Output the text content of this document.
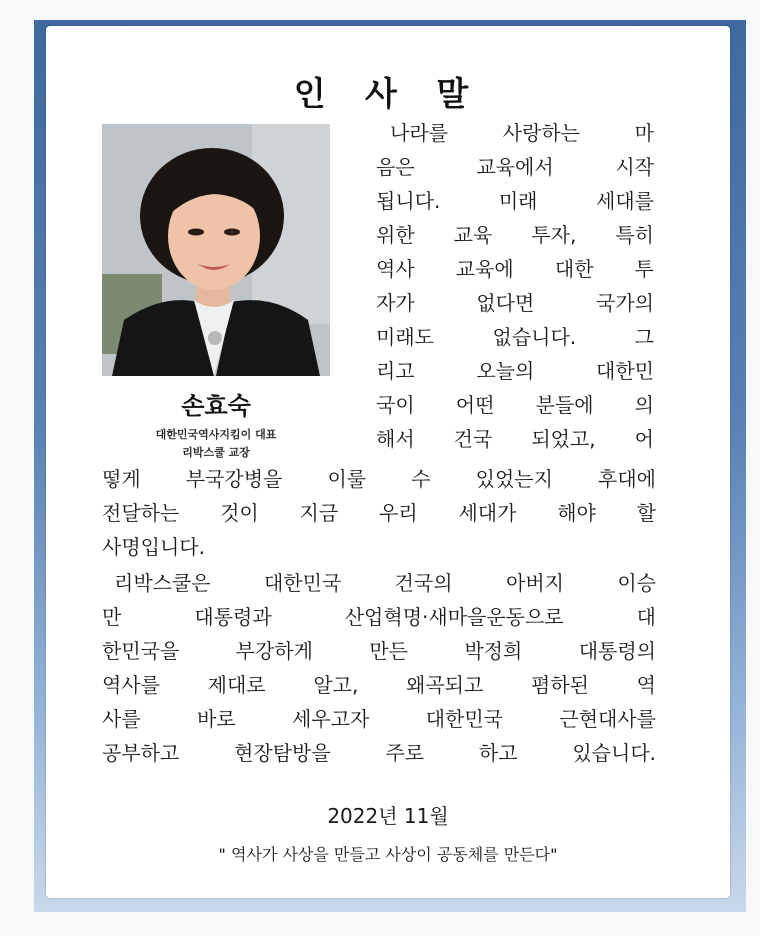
인 사 말
손효숙
대한민국역사지킴이 대표
리박스쿨 교장
나라를 사랑하는 마
음은 교육에서 시작
됩니다. 미래 세대를
위한 교육 투자, 특히
역사 교육에 대한 투
자가 없다면 국가의
미래도 없습니다. 그
리고 오늘의 대한민
국이 어떤 분들에 의
해서 건국 되었고, 어
떻게 부국강병을 이룰 수 있었는지 후대에
전달하는 것이 지금 우리 세대가 해야 할
사명입니다.
리박스쿨은 대한민국 건국의 아버지 이승
만 대통령과 산업혁명·새마을운동으로 대
한민국을 부강하게 만든 박정희 대통령의
역사를 제대로 알고, 왜곡되고 폄하된 역
사를 바로 세우고자 대한민국 근현대사를
공부하고 현장탐방을 주로 하고 있습니다.
2022년 11월
" 역사가 사상을 만들고 사상이 공동체를 만든다"
